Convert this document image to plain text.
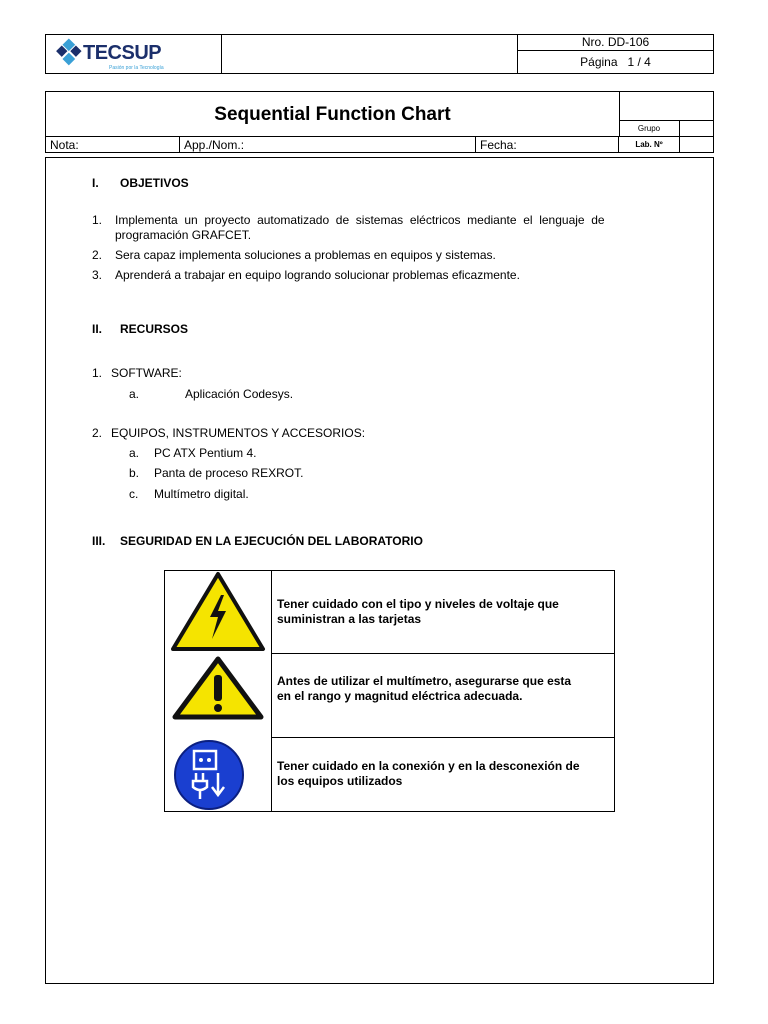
TECSUP
Pasión por la Tecnología
Nro. DD-106
Página   1 / 4
Sequential Function Chart
Grupo
Nota:	App./Nom.:	Fecha:	Lab. Nº
I. OBJETIVOS
1. Implementa  un  proyecto  automatizado  de  sistemas  eléctricos  mediante  el  lenguaje  de
programación GRAFCET.
2. Sera capaz implementa soluciones a problemas en equipos y sistemas.
3. Aprenderá a trabajar en equipo logrando solucionar problemas eficazmente.
II. RECURSOS
1. SOFTWARE:
a.	Aplicación Codesys.
2. EQUIPOS, INSTRUMENTOS Y ACCESORIOS:
a. PC ATX Pentium 4.
b. Panta de proceso REXROT.
c. Multímetro digital.
III. SEGURIDAD EN LA EJECUCIÓN DEL LABORATORIO
Tener cuidado con el tipo y niveles de voltaje que
suministran a las tarjetas
Antes de utilizar el multímetro, asegurarse que esta
en el rango y magnitud eléctrica adecuada.
Tener cuidado en la conexión y en la desconexión de
los equipos utilizados
